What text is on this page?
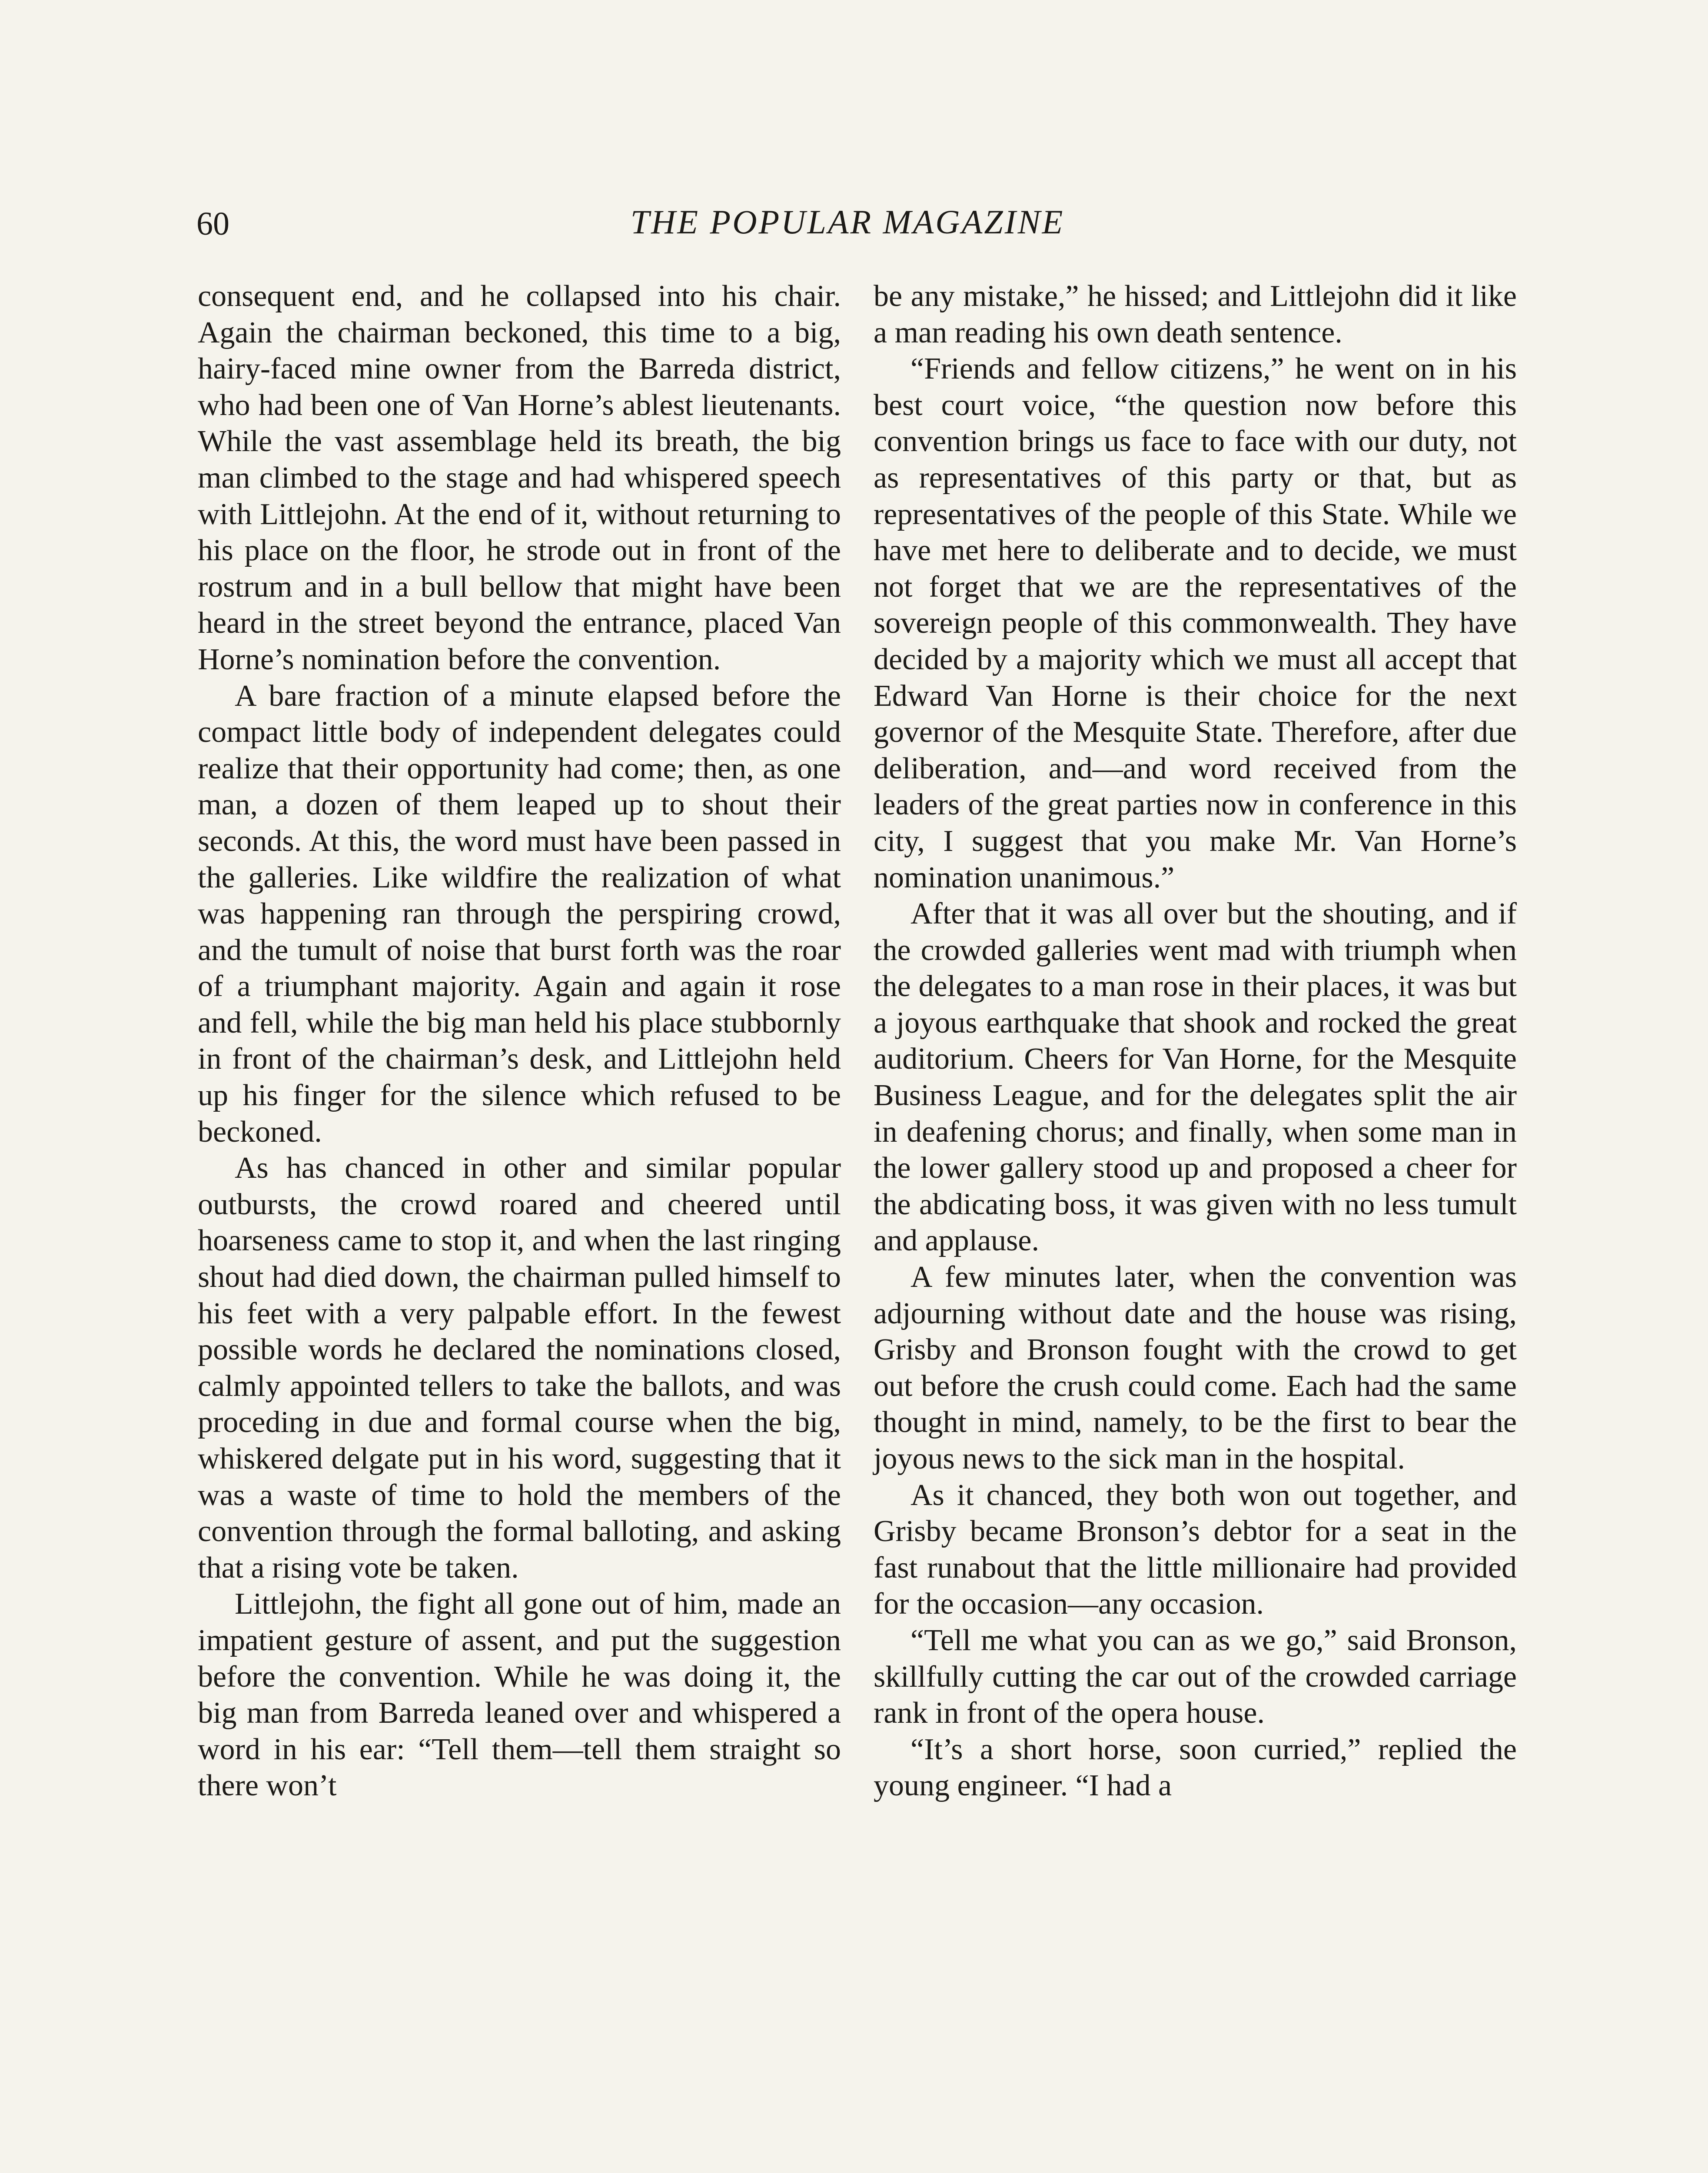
60	THE POPULAR MAGAZINE

consequent end, and he collapsed into his chair. Again the chairman beckoned, this time to a big, hairy-faced mine owner from the Barreda district, who had been one of Van Horne’s ablest lieutenants. While the vast assemblage held its breath, the big man climbed to the stage and had whispered speech with Littlejohn. At the end of it, without returning to his place on the floor, he strode out in front of the rostrum and in a bull bellow that might have been heard in the street beyond the entrance, placed Van Horne’s nomination before the convention.

A bare fraction of a minute elapsed before the compact little body of independent delegates could realize that their opportunity had come; then, as one man, a dozen of them leaped up to shout their seconds. At this, the word must have been passed in the galleries. Like wildfire the realization of what was happening ran through the perspiring crowd, and the tumult of noise that burst forth was the roar of a triumphant majority. Again and again it rose and fell, while the big man held his place stubbornly in front of the chairman’s desk, and Littlejohn held up his finger for the silence which refused to be beckoned.

As has chanced in other and similar popular outbursts, the crowd roared and cheered until hoarseness came to stop it, and when the last ringing shout had died down, the chairman pulled himself to his feet with a very palpable effort. In the fewest possible words he declared the nominations closed, calmly appointed tellers to take the ballots, and was proceding in due and formal course when the big, whiskered delgate put in his word, suggesting that it was a waste of time to hold the members of the convention through the formal balloting, and asking that a rising vote be taken.

Littlejohn, the fight all gone out of him, made an impatient gesture of assent, and put the suggestion before the convention. While he was doing it, the big man from Barreda leaned over and whispered a word in his ear: “Tell them—tell them straight so there won’t

be any mistake,” he hissed; and Littlejohn did it like a man reading his own death sentence.

“Friends and fellow citizens,” he went on in his best court voice, “the question now before this convention brings us face to face with our duty, not as representatives of this party or that, but as representatives of the people of this State. While we have met here to deliberate and to decide, we must not forget that we are the representatives of the sovereign people of this commonwealth. They have decided by a majority which we must all accept that Edward Van Horne is their choice for the next governor of the Mesquite State. Therefore, after due deliberation, and—and word received from the leaders of the great parties now in conference in this city, I suggest that you make Mr. Van Horne’s nomination unanimous.”

After that it was all over but the shouting, and if the crowded galleries went mad with triumph when the delegates to a man rose in their places, it was but a joyous earthquake that shook and rocked the great auditorium. Cheers for Van Horne, for the Mesquite Business League, and for the delegates split the air in deafening chorus; and finally, when some man in the lower gallery stood up and proposed a cheer for the abdicating boss, it was given with no less tumult and applause.

A few minutes later, when the convention was adjourning without date and the house was rising, Grisby and Bronson fought with the crowd to get out before the crush could come. Each had the same thought in mind, namely, to be the first to bear the joyous news to the sick man in the hospital.

As it chanced, they both won out together, and Grisby became Bronson’s debtor for a seat in the fast runabout that the little millionaire had provided for the occasion—any occasion.

“Tell me what you can as we go,” said Bronson, skillfully cutting the car out of the crowded carriage rank in front of the opera house.

“It’s a short horse, soon curried,” replied the young engineer. “I had a
